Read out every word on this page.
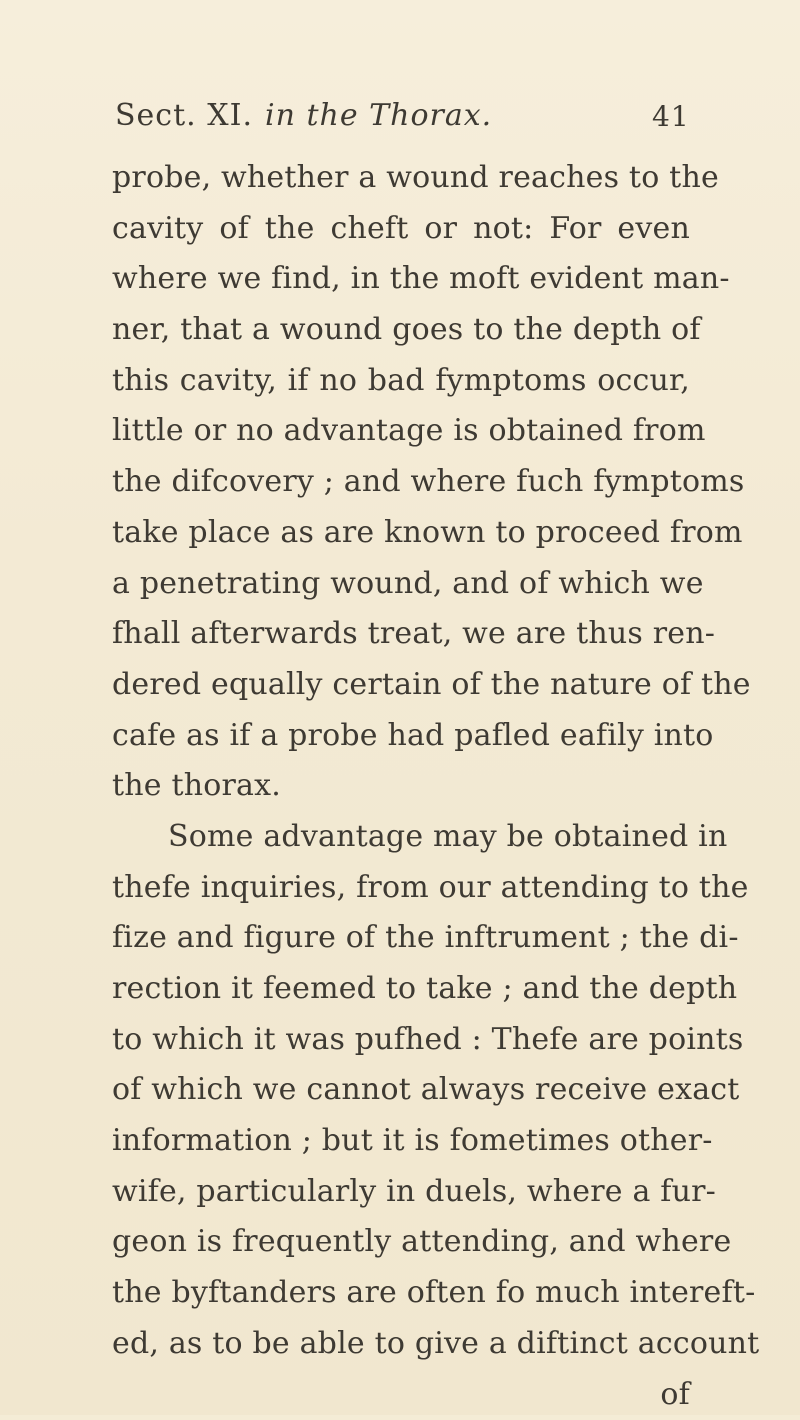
Sect. XI. in the Thorax.	41
probe, whether a wound reaches to the
cavity of the cheft or not: For even
where we find, in the moft evident man-
ner, that a wound goes to the depth of
this cavity, if no bad fymptoms occur,
little or no advantage is obtained from
the difcovery ; and where fuch fymptoms
take place as are known to proceed from
a penetrating wound, and of which we
fhall afterwards treat, we are thus ren-
dered equally certain of the nature of the
cafe as if a probe had pafled eafily into
the thorax.
Some advantage may be obtained in
thefe inquiries, from our attending to the
fize and figure of the inftrument ; the di-
rection it feemed to take ; and the depth
to which it was pufhed : Thefe are points
of which we cannot always receive exact
information ; but it is fometimes other-
wife, particularly in duels, where a fur-
geon is frequently attending, and where
the byftanders are often fo much intereft-
ed, as to be able to give a diftinct account
of
